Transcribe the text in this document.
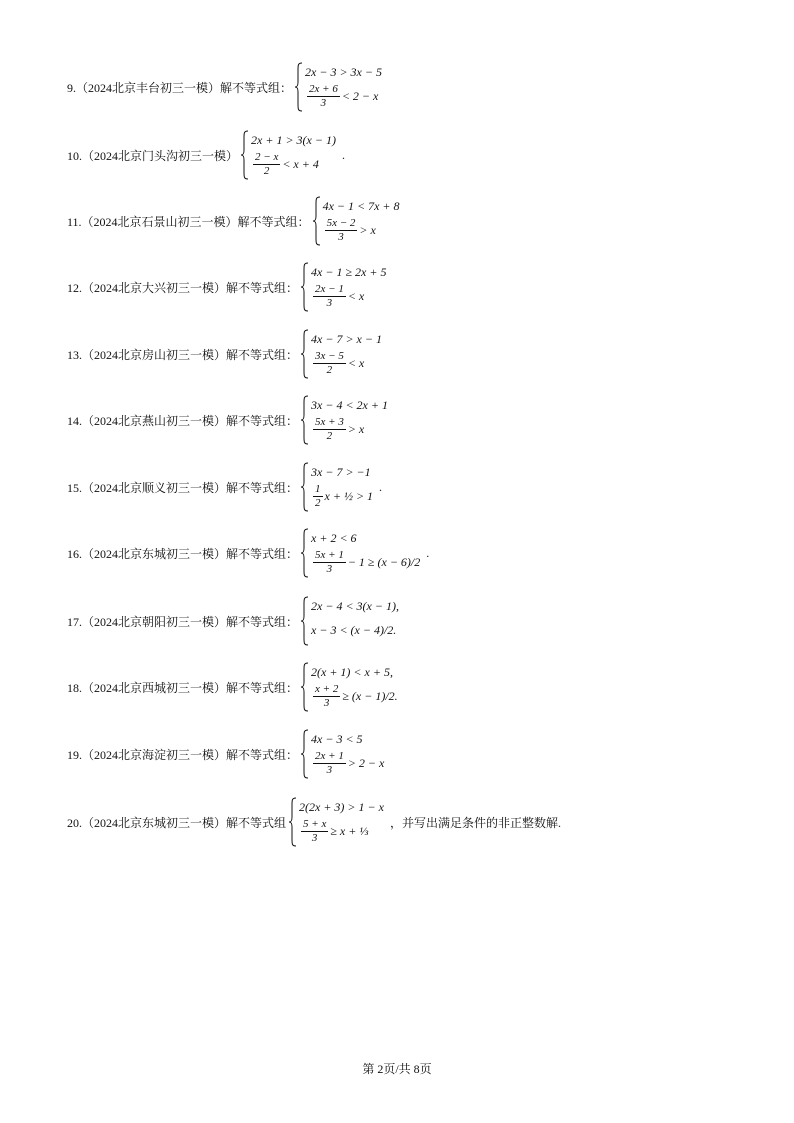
9.（2024北京丰台初三一模）解不等式组：
2x − 3 > 3x − 5
$\frac{2x + 6}{3} < 2 - x$
10.（2024北京门头沟初三一模）
2x + 1 > 3(x − 1)
$\frac{2 - x}{2} < x + 4$
.
11.（2024北京石景山初三一模）解不等式组：
4x − 1 < 7x + 8
$\frac{5x - 2}{3} > x$
12.（2024北京大兴初三一模）解不等式组：
4x − 1 ≥ 2x + 5
$\frac{2x - 1}{3} < x$
13.（2024北京房山初三一模）解不等式组：
4x − 7 > x − 1
$\frac{3x - 5}{2} < x$
14.（2024北京燕山初三一模）解不等式组：
3x − 4 < 2x + 1
$\frac{5x + 3}{2} > x$
15.（2024北京顺义初三一模）解不等式组：
3x − 7 > −1
$\frac{1}{2}$ x + ½ > 1
.
16.（2024北京东城初三一模）解不等式组：
x + 2 < 6
$\frac{5x + 1}{3} - 1 \ge (x - 6)/2$
.
17.（2024北京朝阳初三一模）解不等式组：
2x − 4 < 3(x − 1),
x − 3 < (x − 4)/2.
18.（2024北京西城初三一模）解不等式组：
2(x + 1) < x + 5,
$\frac{x + 2}{3} \ge (x - 1)/2$.
19.（2024北京海淀初三一模）解不等式组：
4x − 3 < 5
$\frac{2x + 1}{3} > 2 - x$
20.（2024北京东城初三一模）解不等式组
2(2x + 3) > 1 − x
$\frac{5 + x}{3} \ge x$ + ⅓
，并写出满足条件的非正整数解.
第 2页/共 8页
